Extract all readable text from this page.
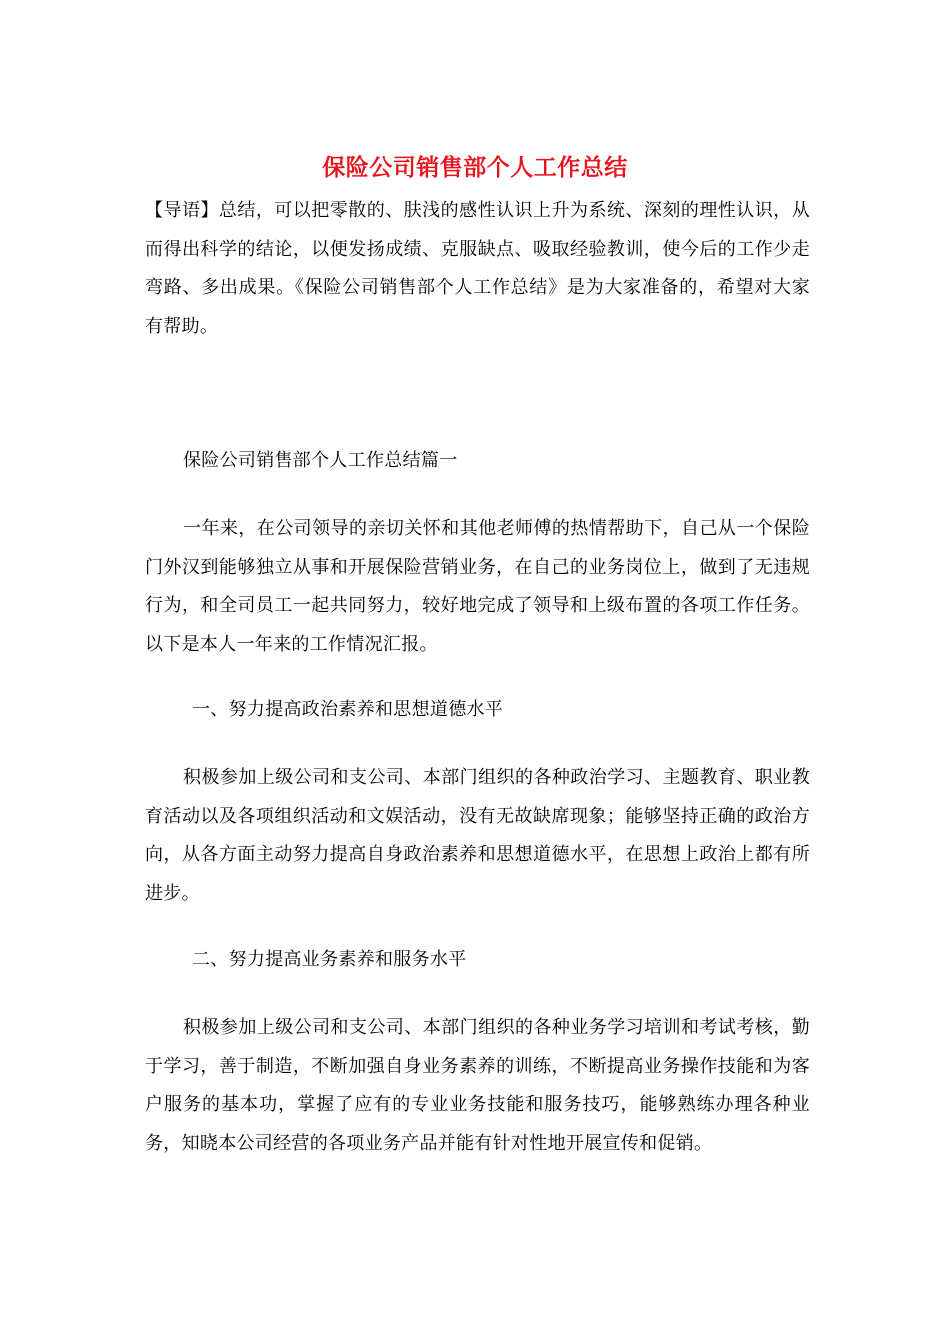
保险公司销售部个人工作总结
【导语】总结，可以把零散的、肤浅的感性认识上升为系统、深刻的理性认识，从而得出科学的结论，以便发扬成绩、克服缺点、吸取经验教训，使今后的工作少走弯路、多出成果。《保险公司销售部个人工作总结》是为大家准备的，希望对大家有帮助。
保险公司销售部个人工作总结篇一
一年来，在公司领导的亲切关怀和其他老师傅的热情帮助下，自己从一个保险门外汉到能够独立从事和开展保险营销业务，在自己的业务岗位上，做到了无违规行为，和全司员工一起共同努力，较好地完成了领导和上级布置的各项工作任务。以下是本人一年来的工作情况汇报。
一、努力提高政治素养和思想道德水平
积极参加上级公司和支公司、本部门组织的各种政治学习、主题教育、职业教育活动以及各项组织活动和文娱活动，没有无故缺席现象；能够坚持正确的政治方向，从各方面主动努力提高自身政治素养和思想道德水平，在思想上政治上都有所进步。
二、努力提高业务素养和服务水平
积极参加上级公司和支公司、本部门组织的各种业务学习培训和考试考核，勤于学习，善于制造，不断加强自身业务素养的训练，不断提高业务操作技能和为客户服务的基本功，掌握了应有的专业业务技能和服务技巧，能够熟练办理各种业务，知晓本公司经营的各项业务产品并能有针对性地开展宣传和促销。
